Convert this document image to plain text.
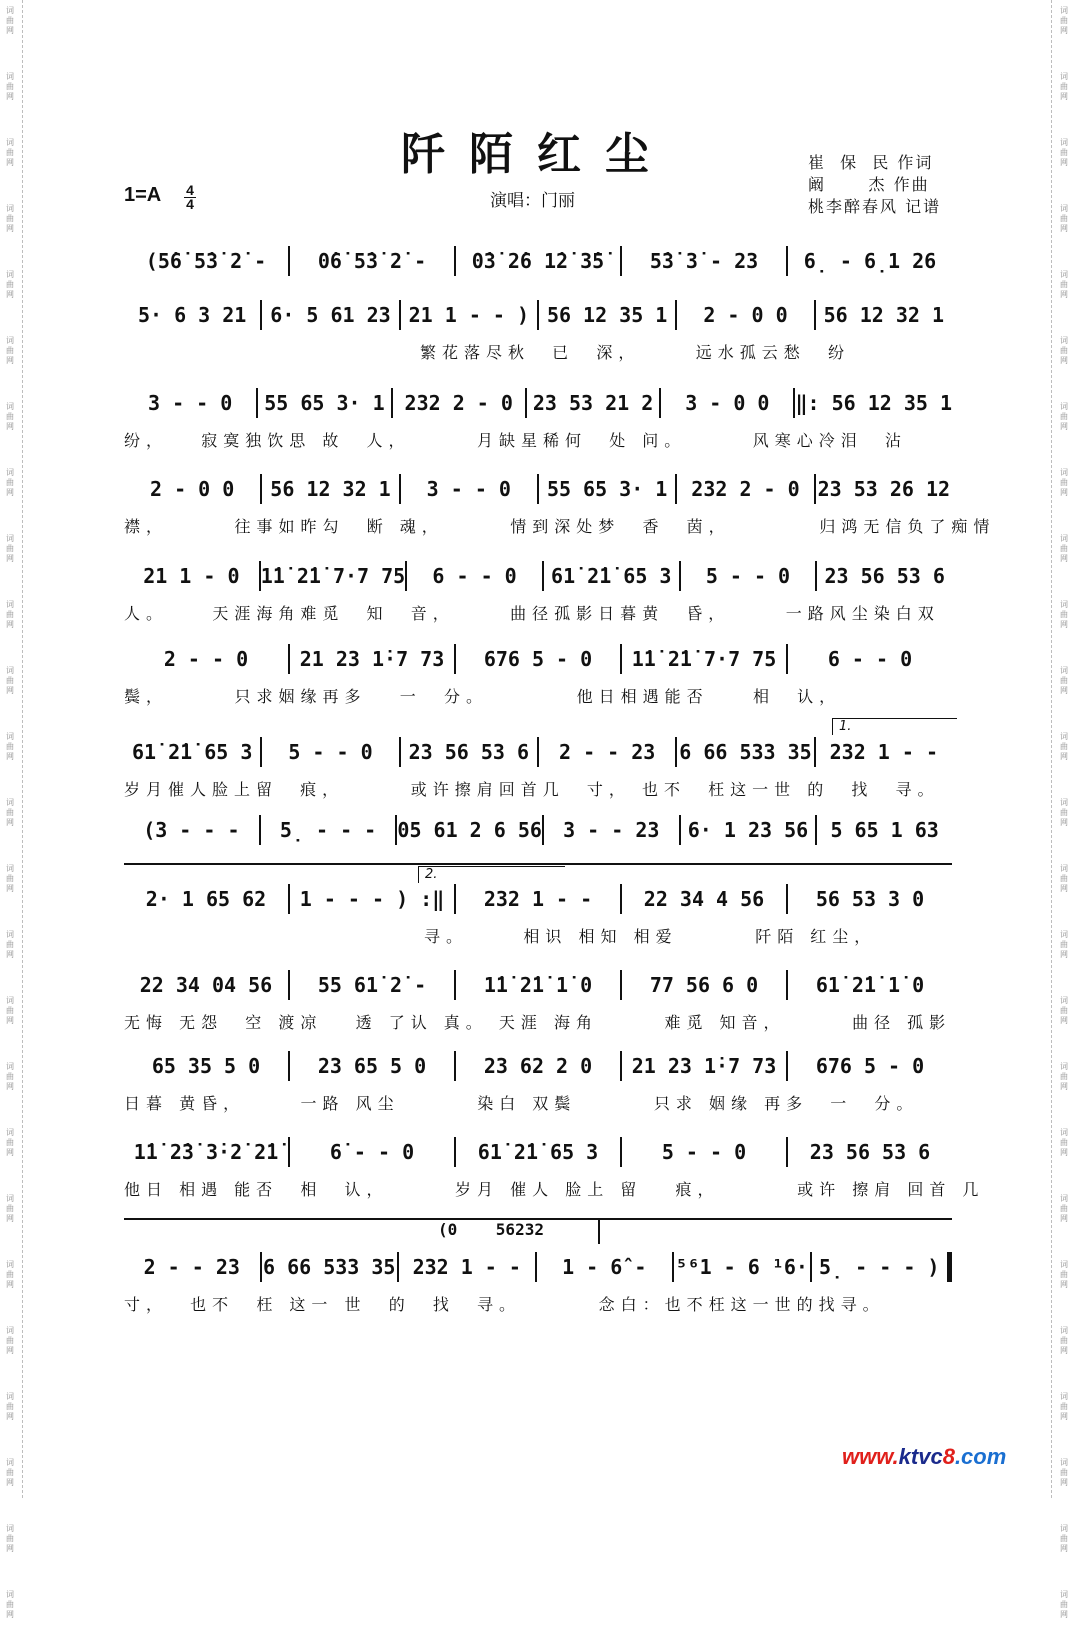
词
曲
网
词
曲
网
词
曲
网
词
曲
网
词
曲
网
词
曲
网
词
曲
网
词
曲
网
词
曲
网
词
曲
网
词
曲
网
词
曲
网
词
曲
网
词
曲
网
词
曲
网
词
曲
网
词
曲
网
词
曲
网
词
曲
网
词
曲
网
词
曲
网
词
曲
网
词
曲
网
词
曲
网
词
曲
网
词
曲
网
词
曲
网
词
曲
网
词
曲
网
词
曲
网
词
曲
网
词
曲
网
词
曲
网
词
曲
网
词
曲
网
词
曲
网
词
曲
网
词
曲
网
词
曲
网
词
曲
网
词
曲
网
词
曲
网
词
曲
网
词
曲
网
词
曲
网
词
曲
网
词
曲
网
词
曲
网
词
曲
网
词
曲
网
阡陌红尘
1=A 4
4	演唱：门丽
崔  保  民 作词
阚      杰 作曲
桃李醉春风 记谱
(5̇6̇ 5̇3̇ 2̇ -	0̇6̇ 5̇3̇ 2̇ -	0̇3̇ 2̇6 1̇2̇ 3̇5̇	5̇3̇ 3̇ - 23	6̣ - 6̣1 26
5· 6 3 21	6· 5 61 23 21 1 - - ) 56 12 35 1	2 - 0 0	56 12 32 1
繁花落尽秋  已  深，     远水孤云愁  纷
3 - - 0	55 65 3· 1 232 2 - 0 23 53 21 2	3 - 0 0	‖: 56 12 35 1
纷，   寂寞独饮思 故  人，      月缺星稀何  处 问。      风寒心冷泪  沾
2 - 0 0	56 12 32 1	3 - - 0	55 65 3· 1	232 2 - 0 23 53 26 12
襟，      往事如昨勾  断 魂，      情到深处梦  香  茵，        归鸿无信负了痴情
21 1 - 0	1̇1̇ 2̇1̇ 7·7 75	6 - - 0	61̇ 2̇1̇ 65 3	5 - - 0	23 56 53 6
人。    天涯海角难觅  知  音，     曲径孤影日暮黄  昏，     一路风尘染白双
2 - - 0	21 23 1̇·7 73	676 5 - 0	1̇1̇ 2̇1̇ 7·7 75	6 - - 0
鬓，      只求姻缘再多   一  分。        他日相遇能否    相  认，
61̇ 2̇1̇ 65 3	5 - - 0	23 56 53 6	2 - - 23	6 66 533 35 232 1 - -
岁月催人脸上留  痕，      或许擦肩回首几  寸， 也不  枉这一世 的  找  寻。
(3 - - -	5̣ - - -	05 61 2 6 56	3 - - 23	6· 1 23 56	5 65 1 63
2· 1 65 62	1 - - - ) :‖	232 1 - -	22 34 4 56	56 53 3 0
寻。     相识 相知 相爱       阡陌 红尘，
22 34 04 56	55 61̇ 2̇ -	1̇1̇ 2̇1̇ 1̇ 0	77 56 6 0	61̇ 2̇1̇ 1̇ 0
无悔 无怨  空 渡凉   透 了认 真。 天涯 海角      难觅 知音，      曲径 孤影
65 35 5 0	23 65 5 0	23 62 2 0	21 23 1̇·7 73	676 5 - 0
日暮 黄昏，     一路 风尘       染白 双鬓       只求 姻缘 再多  一  分。
1̇1̇ 2̇3̇ 3̇·2̇ 2̇1̇	6̇ - - 0	61̇ 2̇1̇ 65 3	5 - - 0	23 56 53 6
他日 相遇 能否  相  认，      岁月 催人 脸上 留   痕，       或许 擦肩 回首 几
2 - - 23	6 66 533 35 232 1 - -	1 - 6̂ -	⁵⁶1 - 6 ¹6· 5̣ - - - )
寸，  也不  枉 这一 世  的  找  寻。       念白：也不枉这一世的找寻。
1.
2.
(0    56232
www.ktvc8.com
